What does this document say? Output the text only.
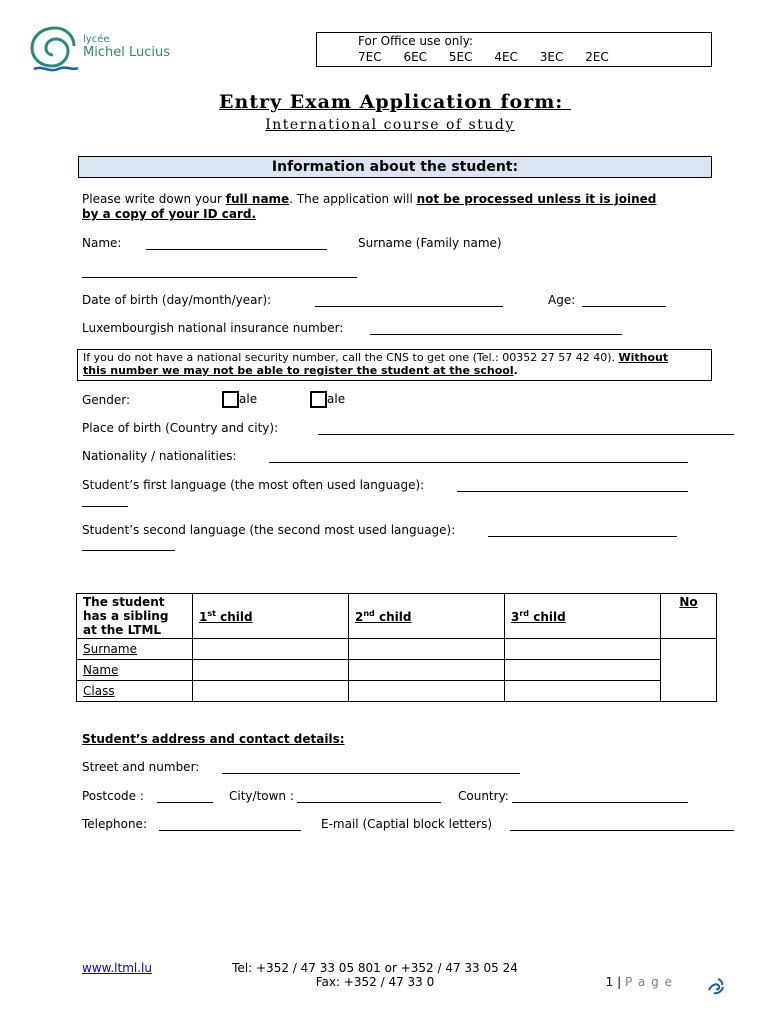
lycée
Michel Lucius
For Office use only:
7EC 6EC 5EC 4EC 3EC 2EC
Entry Exam Application form:
International course of study
Information about the student:
Please write down your full name. The application will not be processed unless it is joined
by a copy of your ID card.
Name:	Surname (Family name)
Date of birth (day/month/year):	Age:
Luxembourgish national insurance number:
If you do not have a national security number, call the CNS to get one (Tel.: 00352 27 57 42 40). Without
this number we may not be able to register the student at the school.
Gender:	ale	ale
Place of birth (Country and city):
Nationality / nationalities:
Student’s first language (the most often used language):
Student’s second language (the second most used language):
The student
has a sibling
at the LTML	1st child	2nd child	3rd child	No
Surname				
Name				
Class				
Student’s address and contact details:
Street and number:
Postcode :	City/town :	Country:
Telephone:	E-mail (Captial block letters)
www.ltml.lu	Tel: +352 / 47 33 05 801 or +352 / 47 33 05 24
Fax: +352 / 47 33 0	1 | P a g e
